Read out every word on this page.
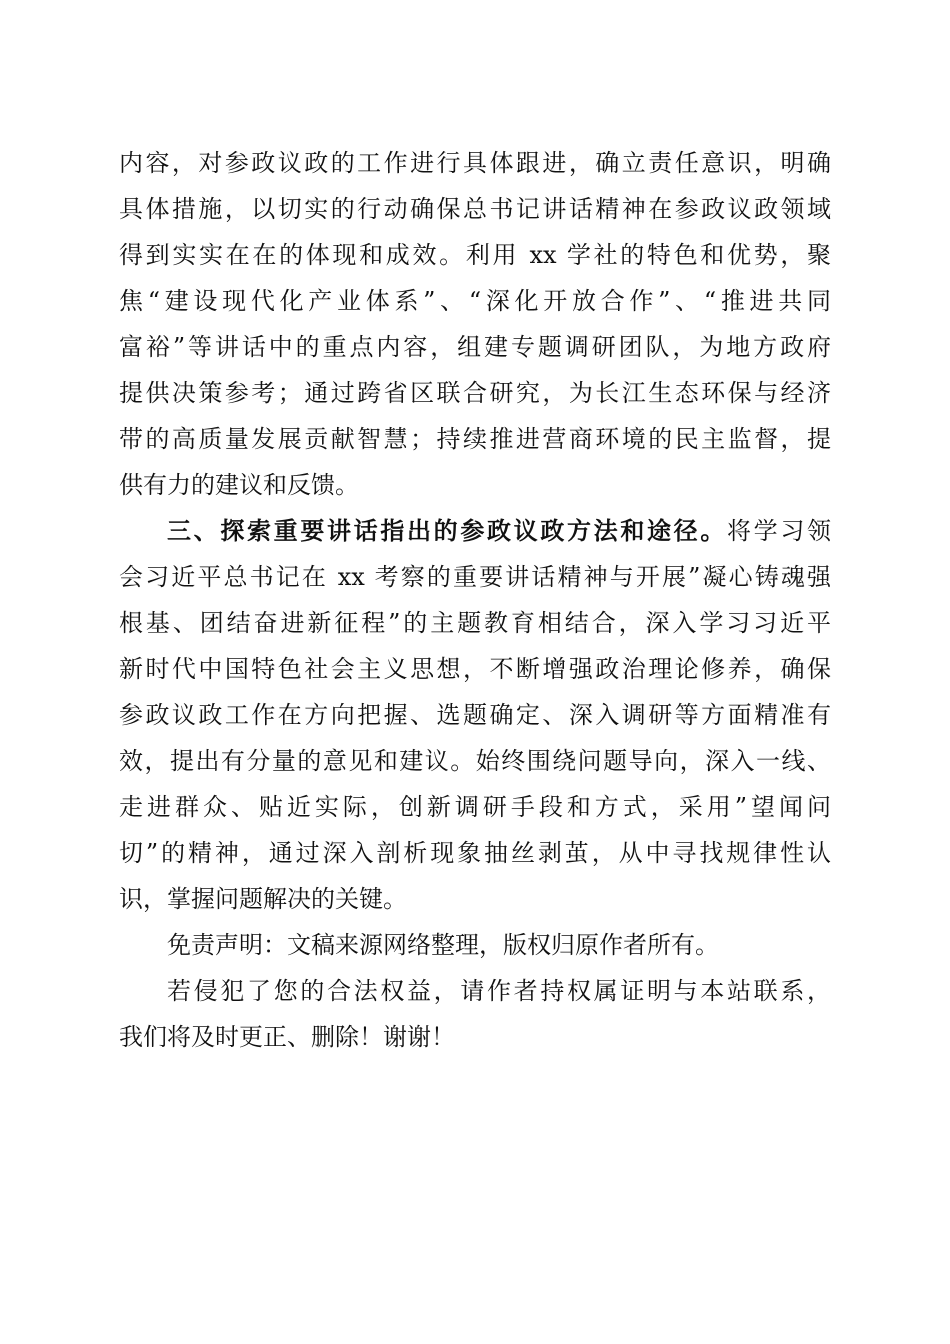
内容，对参政议政的工作进行具体跟进，确立责任意识，明确
具体措施，以切实的行动确保总书记讲话精神在参政议政领域
得到实实在在的体现和成效。利用 xx 学社的特色和优势，聚
焦“建设现代化产业体系”、“深化开放合作”、“推进共同
富裕”等讲话中的重点内容，组建专题调研团队，为地方政府
提供决策参考；通过跨省区联合研究，为长江生态环保与经济
带的高质量发展贡献智慧；持续推进营商环境的民主监督，提
供有力的建议和反馈。
三、探索重要讲话指出的参政议政方法和途径。将学习领
会习近平总书记在 xx 考察的重要讲话精神与开展”凝心铸魂强
根基、团结奋进新征程”的主题教育相结合，深入学习习近平
新时代中国特色社会主义思想，不断增强政治理论修养，确保
参政议政工作在方向把握、选题确定、深入调研等方面精准有
效，提出有分量的意见和建议。始终围绕问题导向，深入一线、
走进群众、贴近实际，创新调研手段和方式，采用”望闻问
切”的精神，通过深入剖析现象抽丝剥茧，从中寻找规律性认
识，掌握问题解决的关键。
免责声明：文稿来源网络整理，版权归原作者所有。
若侵犯了您的合法权益，请作者持权属证明与本站联系，
我们将及时更正、删除！谢谢！
